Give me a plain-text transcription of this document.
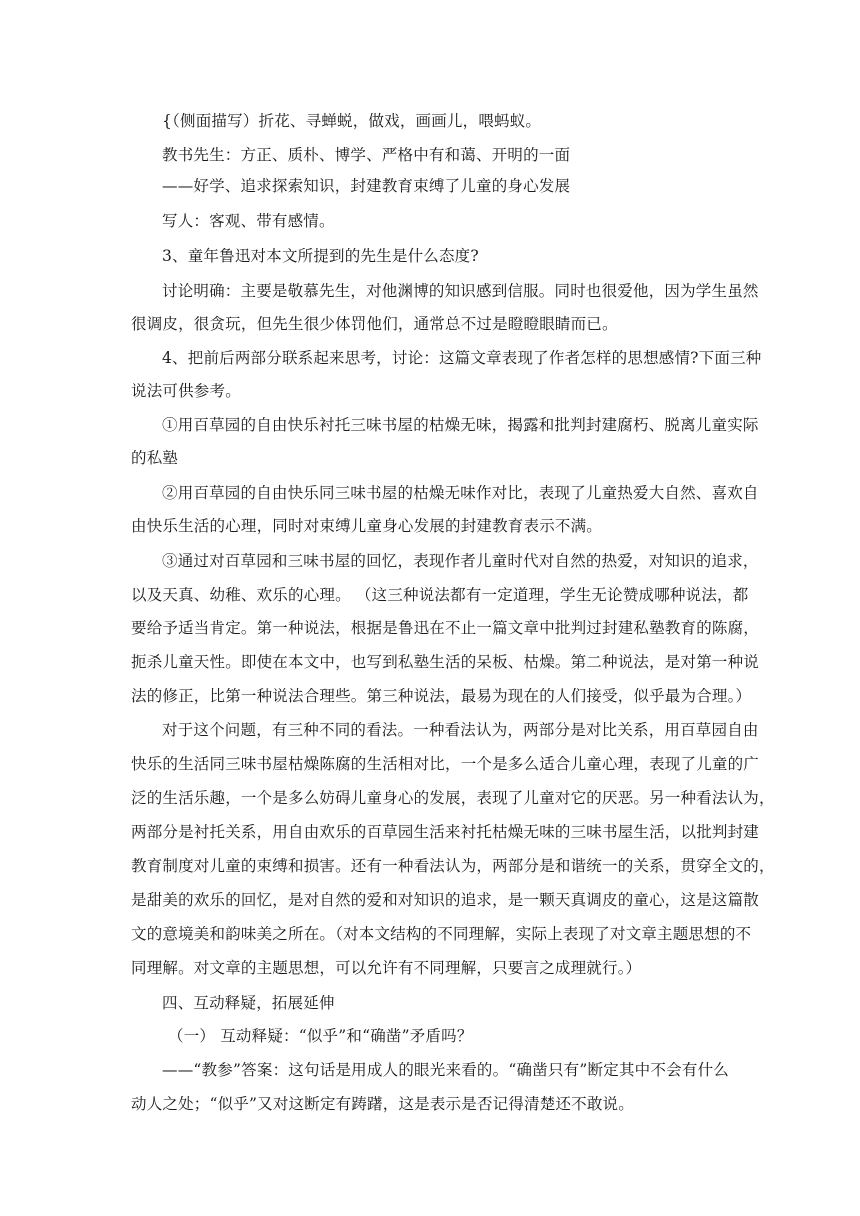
{（侧面描写）折花、寻蝉蜕，做戏，画画儿，喂蚂蚁。
教书先生：方正、质朴、博学、严格中有和蔼、开明的一面
——好学、追求探索知识，封建教育束缚了儿童的身心发展
写人：客观、带有感情。
3、童年鲁迅对本文所提到的先生是什么态度?
讨论明确：主要是敬慕先生，对他渊博的知识感到信服。同时也很爱他，因为学生虽然
很调皮，很贪玩，但先生很少体罚他们，通常总不过是瞪瞪眼睛而已。
4、把前后两部分联系起来思考，讨论：这篇文章表现了作者怎样的思想感情?下面三种
说法可供参考。
①用百草园的自由快乐衬托三味书屋的枯燥无味，揭露和批判封建腐朽、脱离儿童实际
的私塾
②用百草园的自由快乐同三味书屋的枯燥无味作对比，表现了儿童热爱大自然、喜欢自
由快乐生活的心理，同时对束缚儿童身心发展的封建教育表示不满。
③通过对百草园和三味书屋的回忆，表现作者儿童时代对自然的热爱，对知识的追求，
以及天真、幼稚、欢乐的心理。 （这三种说法都有一定道理，学生无论赞成哪种说法，都
要给予适当肯定。第一种说法，根据是鲁迅在不止一篇文章中批判过封建私塾教育的陈腐，
扼杀儿童天性。即使在本文中，也写到私塾生活的呆板、枯燥。第二种说法，是对第一种说
法的修正，比第一种说法合理些。第三种说法，最易为现在的人们接受，似乎最为合理。）
对于这个问题，有三种不同的看法。一种看法认为，两部分是对比关系，用百草园自由
快乐的生活同三味书屋枯燥陈腐的生活相对比，一个是多么适合儿童心理，表现了儿童的广
泛的生活乐趣，一个是多么妨碍儿童身心的发展，表现了儿童对它的厌恶。另一种看法认为，
两部分是衬托关系，用自由欢乐的百草园生活来衬托枯燥无味的三味书屋生活，以批判封建
教育制度对儿童的束缚和损害。还有一种看法认为，两部分是和谐统一的关系，贯穿全文的，
是甜美的欢乐的回忆，是对自然的爱和对知识的追求，是一颗天真调皮的童心，这是这篇散
文的意境美和韵味美之所在。（对本文结构的不同理解，实际上表现了对文章主题思想的不
同理解。对文章的主题思想，可以允许有不同理解，只要言之成理就行。）
四、互动释疑，拓展延伸
（一） 互动释疑：“似乎”和“确凿”矛盾吗？
——“教参”答案：这句话是用成人的眼光来看的。“确凿只有”断定其中不会有什么
动人之处；“似乎”又对这断定有踌躇，这是表示是否记得清楚还不敢说。
